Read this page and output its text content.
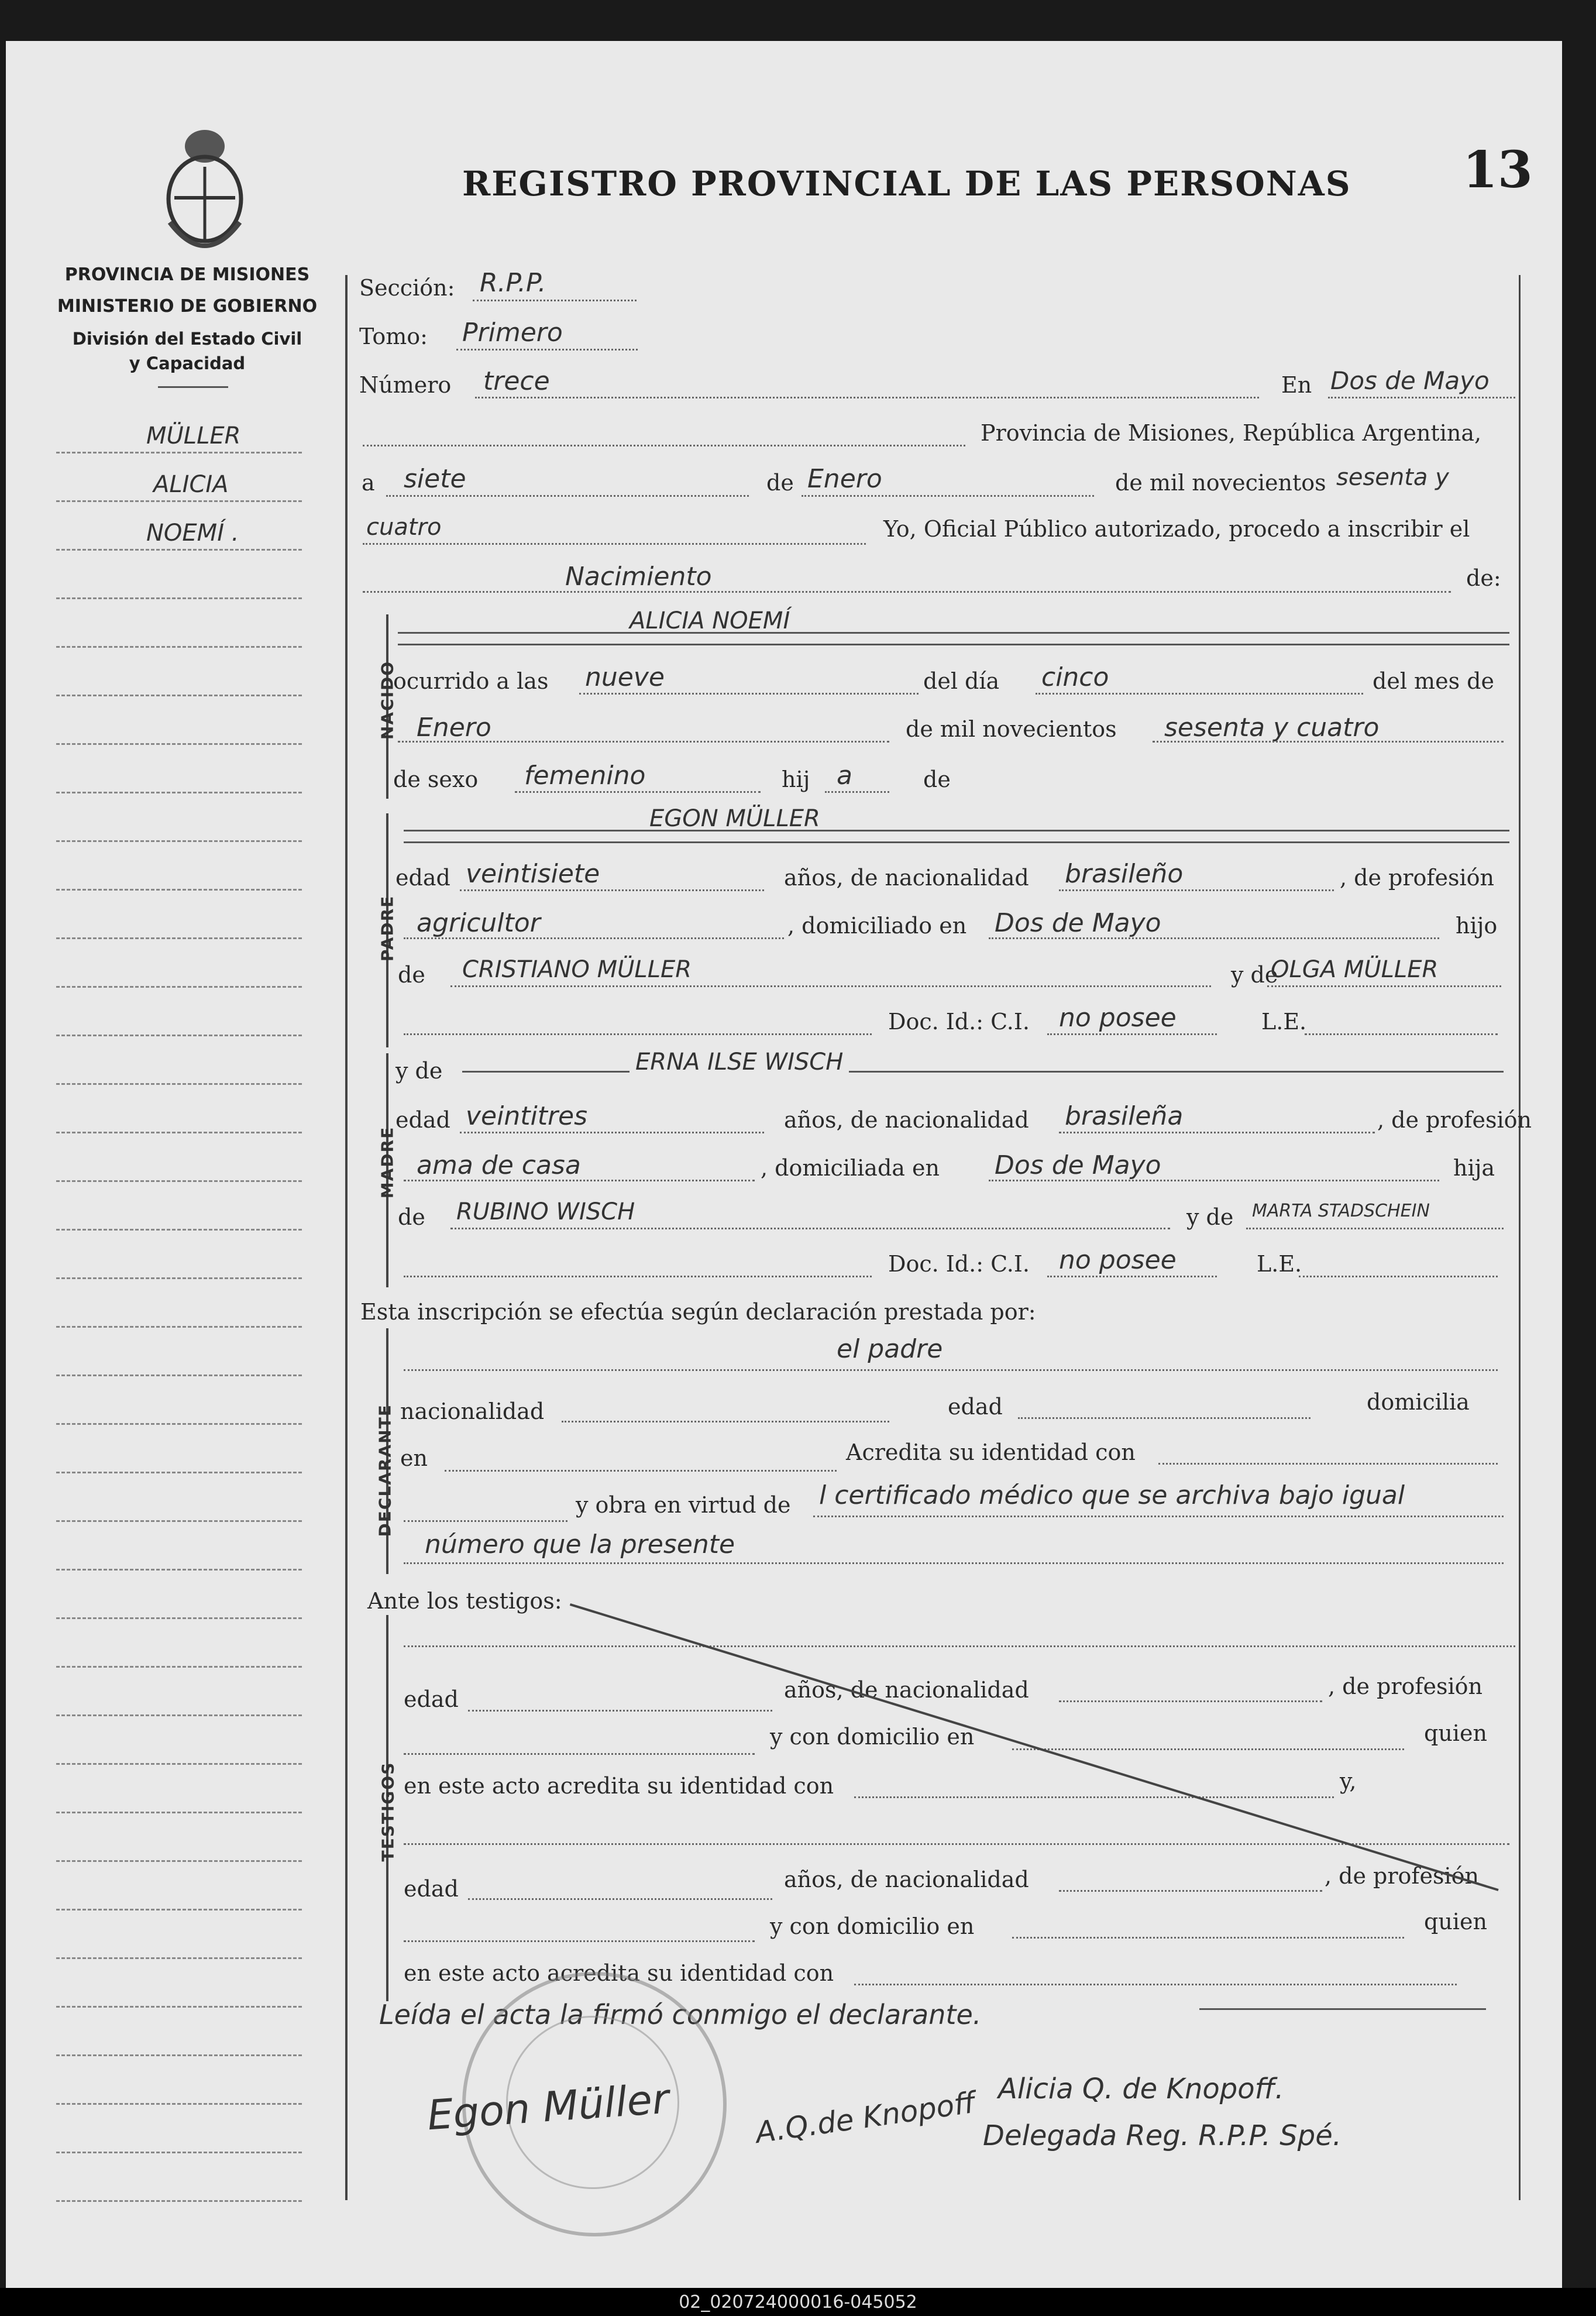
REGISTRO PROVINCIAL DE LAS PERSONAS 13
PROVINCIA DE MISIONES
MINISTERIO DE GOBIERNO
División del Estado Civil
y Capacidad
MÜLLER
ALICIA
NOEMÍ .
Sección: R.P.P.
Tomo: Primero
Número trece	En Dos de Mayo
Provincia de Misiones, República Argentina,
a siete	de Enero	de mil novecientos sesenta y
cuatro	Yo, Oficial Público autorizado, procedo a inscribir el
Nacimiento	de:
NACIDO
ALICIA NOEMÍ
ocurrido a las nueve	del día cinco	del mes de
Enero	de mil novecientos sesenta y cuatro
de sexo femenino	hij a	de
PADRE
EGON MÜLLER
edad veintisiete	años, de nacionalidad brasileño	, de profesión
agricultor	, domiciliado en Dos de Mayo	hijo
de CRISTIANO MÜLLER	y de
OLGA MÜLLER
Doc. Id.: C.I. no posee	L.E.
MADRE
y de	ERNA ILSE WISCH
edad veintitres	años, de nacionalidad brasileña	, de profesión
ama de casa	, domiciliada en Dos de Mayo	hija
de RUBINO WISCH	y de MARTA STADSCHEIN
Doc. Id.: C.I. no posee	L.E.
Esta inscripción se efectúa según declaración prestada por:
DECLARANTE
el padre
nacionalidad	edad	domicilia
en	Acredita su identidad con
y obra en virtud de l certificado médico que se archiva bajo igual
número que la presente
Ante los testigos:
TESTIGOS
edad	años, de nacionalidad	, de profesión
y con domicilio en	quien
en este acto acredita su identidad con	y,
edad	años, de nacionalidad	, de profesión
y con domicilio en	quien
en este acto acredita su identidad con
Leída el acta la firmó conmigo el declarante.
Egon Müller	A.Q.de Knopoff Alicia Q. de Knopoff.
Delegada Reg. R.P.P. Spé.
02_020724000016-045052
